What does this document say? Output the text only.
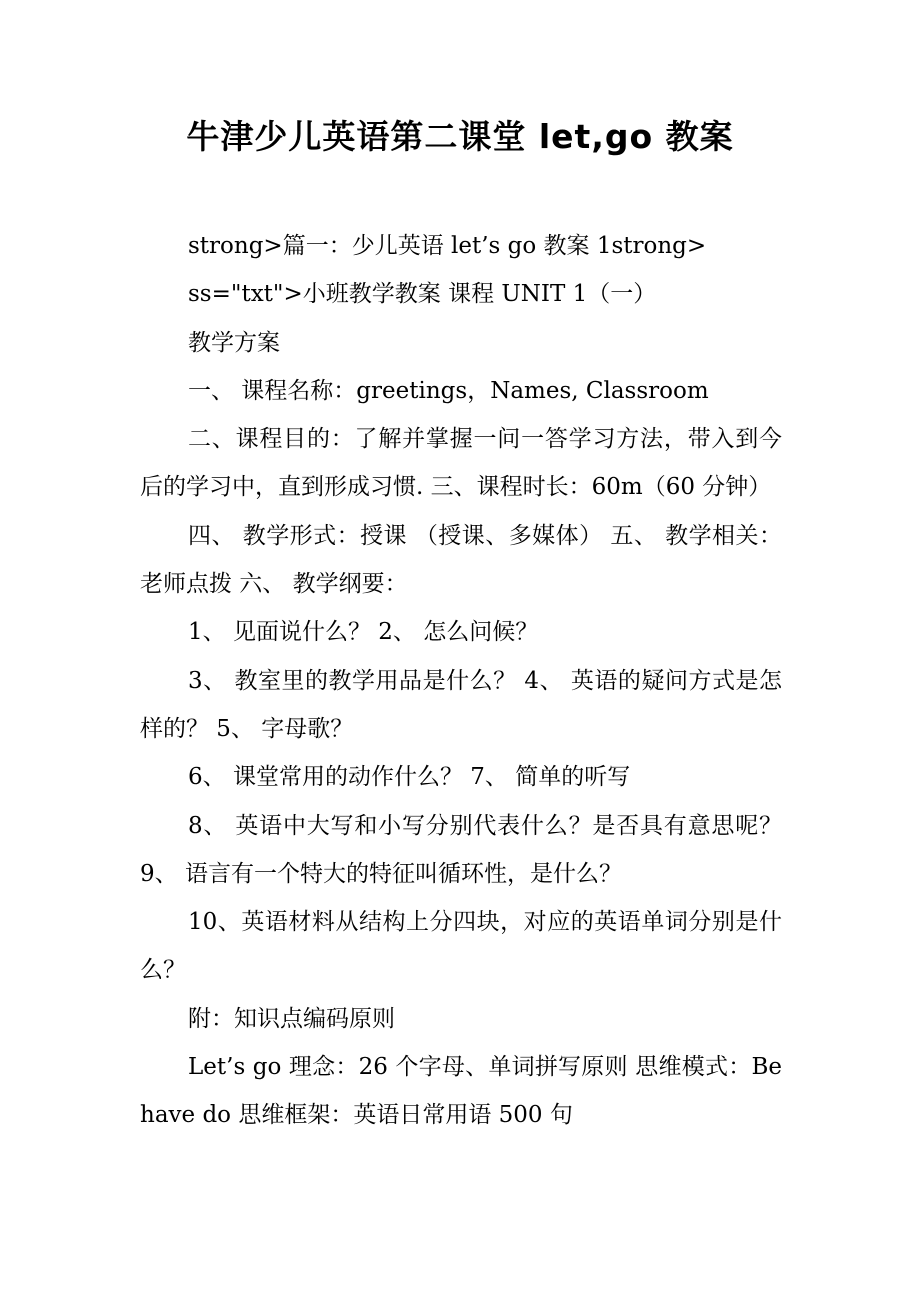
牛津少儿英语第二课堂 let,go 教案

strong>篇一：少儿英语 let’s go 教案 1strong>

ss="txt">小班教学教案 课程 UNIT 1（一）

教学方案

一、 课程名称：greetings，Names, Classroom

二、课程目的：了解并掌握一问一答学习方法，带入到今后的学习中，直到形成习惯. 三、课程时长：60m（60 分钟）

四、 教学形式：授课 （授课、多媒体） 五、 教学相关：老师点拨 六、 教学纲要：

1、 见面说什么？ 2、 怎么问候？

3、 教室里的教学用品是什么？ 4、 英语的疑问方式是怎样的？ 5、 字母歌？

6、 课堂常用的动作什么？ 7、 简单的听写

8、 英语中大写和小写分别代表什么？是否具有意思呢？ 9、 语言有一个特大的特征叫循环性，是什么？

10、英语材料从结构上分四块，对应的英语单词分别是什么？

附：知识点编码原则

Let’s go 理念：26 个字母、单词拼写原则 思维模式：Be have do 思维框架：英语日常用语 500 句
